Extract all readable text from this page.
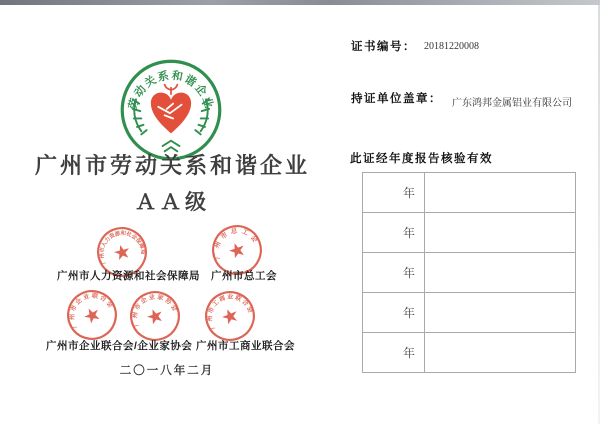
劳动关系和谐企业
广州市劳动关系和谐企业
ＡＡ级
广州市人力资源和社会保障局	广州市总工会
广州市企业联合会
广州市企业家协会
广州市工商业联合会
广州市人力资源和社会保障局 广州市总工会
广州市企业联合会/企业家协会 广州市工商业联合会
二〇一八年二月
证书编号： 20181220008
持证单位盖章： 广东鸿邦金属铝业有限公司
此证经年度报告核验有效
年	
年	
年	
年	
年	
